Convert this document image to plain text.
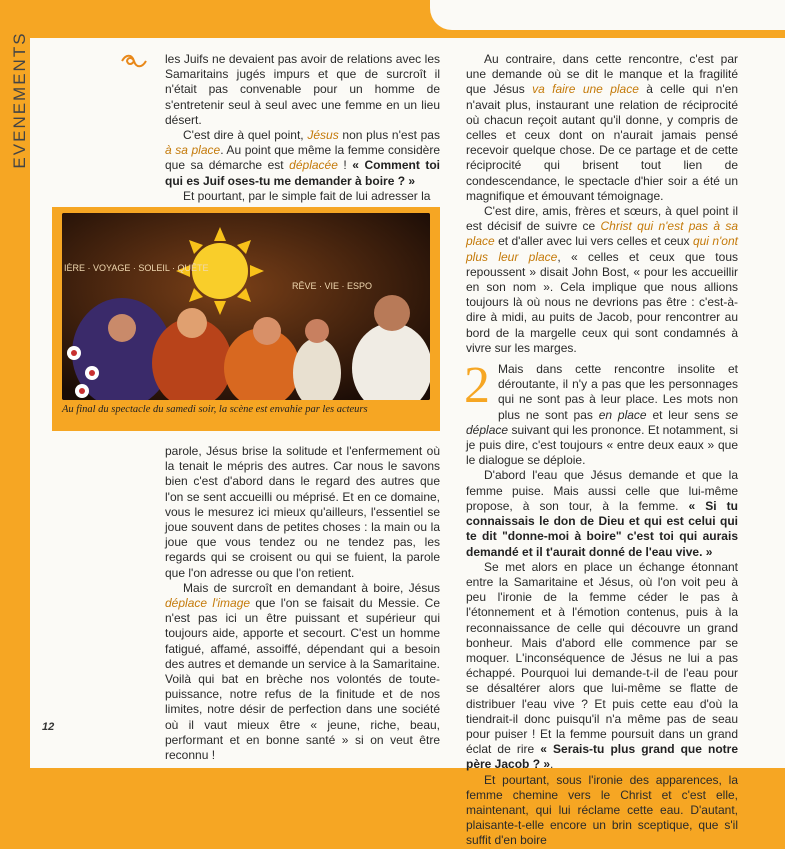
EVENEMENTS	les Juifs ne devaient pas avoir de relations avec les Samaritains jugés impurs et que de surcroît il n'était pas convenable pour un homme de s'entretenir seul à seul avec une femme en un lieu désert.

C'est dire à quel point, Jésus non plus n'est pas à sa place. Au point que même la femme considère que sa démarche est déplacée ! « Comment toi qui es Juif oses-tu me demander à boire ? »

Et pourtant, par le simple fait de lui adresser la

IÈRE · VOYAGE · SOLEIL · QUÊTE
RÊVE · VIE · ESPO
Au final du spectacle du samedi soir, la scène est envahie par les acteurs

parole, Jésus brise la solitude et l'enfermement où la tenait le mépris des autres. Car nous le savons bien c'est d'abord dans le regard des autres que l'on se sent accueilli ou méprisé. Et en ce domaine, vous le mesurez ici mieux qu'ailleurs, l'essentiel se joue souvent dans de petites choses : la main ou la joue que vous tendez ou ne tendez pas, les regards qui se croisent ou qui se fuient, la parole que l'on adresse ou que l'on retient.

Mais de surcroît en demandant à boire, Jésus déplace l'image que l'on se faisait du Messie. Ce n'est pas ici un être puissant et supérieur qui toujours aide, apporte et secourt. C'est un homme fatigué, affamé, assoiffé, dépendant qui a besoin des autres et demande un service à la Samaritaine. Voilà qui bat en brèche nos volontés de toute-puissance, notre refus de la finitude et de nos limites, notre désir de perfection dans une société où il vaut mieux être « jeune, riche, beau, performant et en bonne santé » si on veut être reconnu !

Au contraire, dans cette rencontre, c'est par une demande où se dit le manque et la fragilité que Jésus va faire une place à celle qui n'en n'avait plus, instaurant une relation de réciprocité où chacun reçoit autant qu'il donne, y compris de celles et ceux dont on n'aurait jamais pensé recevoir quelque chose. De ce partage et de cette réciprocité qui brisent tout lien de condescendance, le spectacle d'hier soir a été un magnifique et émouvant témoignage.

C'est dire, amis, frères et sœurs, à quel point il est décisif de suivre ce Christ qui n'est pas à sa place et d'aller avec lui vers celles et ceux qui n'ont plus leur place, « celles et ceux que tous repoussent » disait John Bost, « pour les accueillir en son nom ». Cela implique que nous allions toujours là où nous ne devrions pas être : c'est-à-dire à midi, au puits de Jacob, pour rencontrer au bord de la margelle ceux qui sont condamnés à vivre sur les marges.

2 Mais dans cette rencontre insolite et déroutante, il n'y a pas que les personnages qui ne sont pas à leur place. Les mots non plus ne sont pas en place et leur sens se déplace suivant qui les prononce. Et notamment, si je puis dire, c'est toujours « entre deux eaux » que le dialogue se déploie.

D'abord l'eau que Jésus demande et que la femme puise. Mais aussi celle que lui-même propose, à son tour, à la femme. « Si tu connaissais le don de Dieu et qui est celui qui te dit "donne-moi à boire" c'est toi qui aurais demandé et il t'aurait donné de l'eau vive. »

Se met alors en place un échange étonnant entre la Samaritaine et Jésus, où l'on voit peu à peu l'ironie de la femme céder le pas à l'étonnement et à l'émotion contenus, puis à la reconnaissance de celle qui découvre un grand bonheur. Mais d'abord elle commence par se moquer. L'inconséquence de Jésus ne lui a pas échappé. Pourquoi lui demande-t-il de l'eau pour se désaltérer alors que lui-même se flatte de distribuer l'eau vive ? Et puis cette eau d'où la tiendrait-il donc puisqu'il n'a même pas de seau pour puiser ! Et la femme poursuit dans un grand éclat de rire « Serais-tu plus grand que notre père Jacob ? ».

Et pourtant, sous l'ironie des apparences, la femme chemine vers le Christ et c'est elle, maintenant, qui lui réclame cette eau. D'autant, plaisante-t-elle encore un brin sceptique, que s'il suffit d'en boire

12
